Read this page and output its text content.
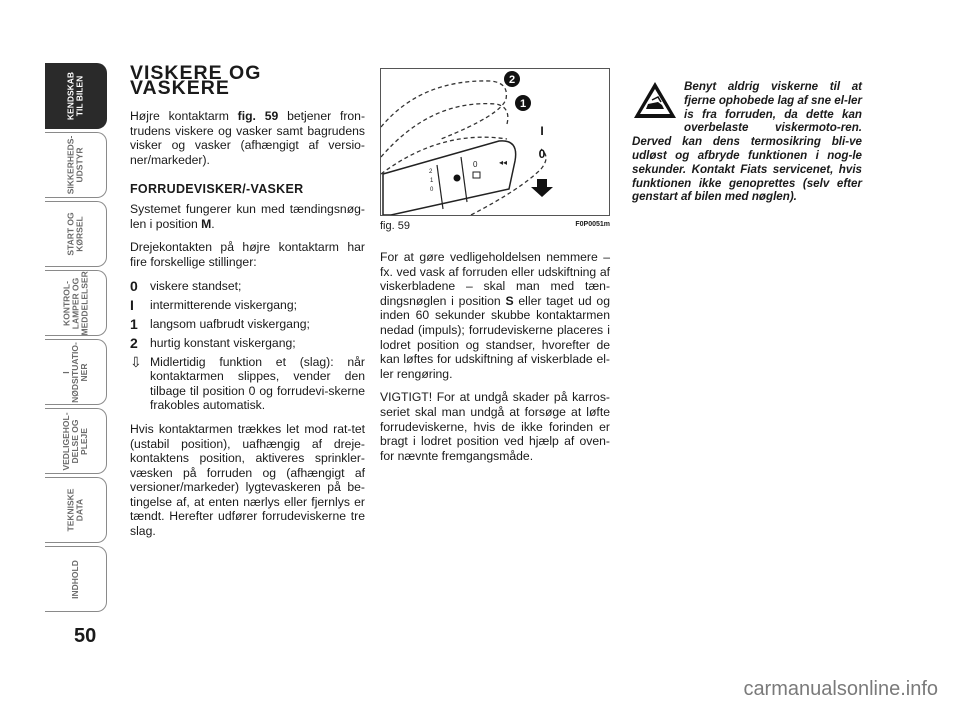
KENDSKAB
TIL BILEN
SIKKERHEDS-
UDSTYR
START OG
KØRSEL
KONTROL-
LAMPER OG
MEDDELELSER
I
NØDSITUATIO-
NER
VEDLIGEHOL-
DELSE OG PLEJE
TEKNISKE
DATA
INDHOLD
50
VISKERE OG VASKERE

Højre kontaktarm fig. 59 betjener fron-trudens viskere og vasker samt bagrudens visker og vasker (afhængigt af versio-ner/markeder).

FORRUDEVISKER/-VASKER

Systemet fungerer kun med tændingsnøg-len i position M.

Drejekontakten på højre kontaktarm har fire forskellige stillinger:

0	viskere standset;
I	intermitterende viskergang;
1	langsom uafbrudt viskergang;
2	hurtig konstant viskergang;
⇩ Midlertidig funktion et (slag): når kontaktarmen slippes, vender den tilbage til position 0 og forrudevi-skerne frakobles automatisk.

Hvis kontaktarmen trækkes let mod rat-tet (ustabil position), uafhængig af dreje-kontaktens position, aktiveres sprinkler-væsken på forruden og (afhængigt af versioner/markeder) lygtevaskeren på be-tingelse af, at enten nærlys eller fjernlys er tændt. Herefter udfører forrudeviskerne tre slag.

0
2
1
0
◂◂
2
1
I
0
fig. 59	F0P0051m

For at gøre vedligeholdelsen nemmere – fx. ved vask af forruden eller udskiftning af viskerbladene – skal man med tæn-dingsnøglen i position S eller taget ud og inden 60 sekunder skubbe kontaktarmen nedad (impuls); forrudeviskerne placeres i lodret position og standser, hvorefter de kan løftes for udskiftning af viskerblade el-ler rengøring.

VIGTIGT! For at undgå skader på karros-seriet skal man undgå at forsøge at løfte forrudeviskerne, hvis de ikke forinden er bragt i lodret position ved hjælp af oven-for nævnte fremgangsmåde.

Benyt aldrig viskerne til at fjerne ophobede lag af sne el-ler is fra forruden, da dette kan overbelaste viskermoto-ren. Derved kan dens termosikring bli-ve udløst og afbryde funktionen i nog-le sekunder. Kontakt Fiats servicenet, hvis funktionen ikke genoprettes (selv efter genstart af bilen med nøglen).
carmanualsonline.info
